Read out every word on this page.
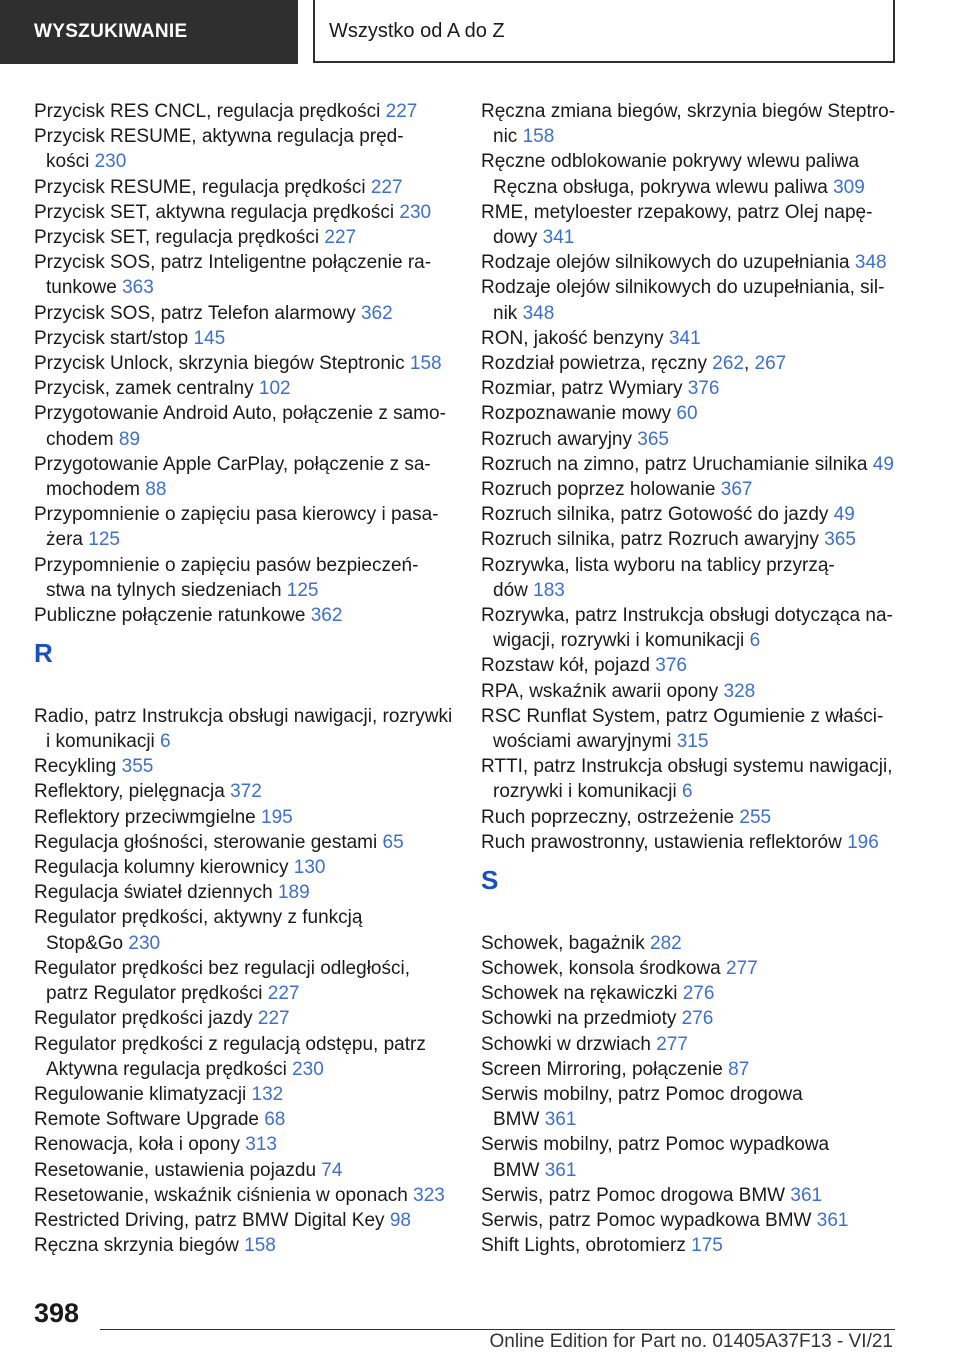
WYSZUKIWANIE	Wszystko od A do Z
Przycisk RES CNCL, regulacja prędkości 227
Przycisk RESUME, aktywna regulacja pręd-
kości 230
Przycisk RESUME, regulacja prędkości 227
Przycisk SET, aktywna regulacja prędkości 230
Przycisk SET, regulacja prędkości 227
Przycisk SOS, patrz Inteligentne połączenie ra-
tunkowe 363
Przycisk SOS, patrz Telefon alarmowy 362
Przycisk start/stop 145
Przycisk Unlock, skrzynia biegów Steptronic 158
Przycisk, zamek centralny 102
Przygotowanie Android Auto, połączenie z samo-
chodem 89
Przygotowanie Apple CarPlay, połączenie z sa-
mochodem 88
Przypomnienie o zapięciu pasa kierowcy i pasa-
żera 125
Przypomnienie o zapięciu pasów bezpieczeń-
stwa na tylnych siedzeniach 125
Publiczne połączenie ratunkowe 362
R
Radio, patrz Instrukcja obsługi nawigacji, rozrywki
i komunikacji 6
Recykling 355
Reflektory, pielęgnacja 372
Reflektory przeciwmgielne 195
Regulacja głośności, sterowanie gestami 65
Regulacja kolumny kierownicy 130
Regulacja świateł dziennych 189
Regulator prędkości, aktywny z funkcją
Stop&Go 230
Regulator prędkości bez regulacji odległości,
patrz Regulator prędkości 227
Regulator prędkości jazdy 227
Regulator prędkości z regulacją odstępu, patrz
Aktywna regulacja prędkości 230
Regulowanie klimatyzacji 132
Remote Software Upgrade 68
Renowacja, koła i opony 313
Resetowanie, ustawienia pojazdu 74
Resetowanie, wskaźnik ciśnienia w oponach 323
Restricted Driving, patrz BMW Digital Key 98
Ręczna skrzynia biegów 158
Ręczna zmiana biegów, skrzynia biegów Steptro-
nic 158
Ręczne odblokowanie pokrywy wlewu paliwa
Ręczna obsługa, pokrywa wlewu paliwa 309
RME, metyloester rzepakowy, patrz Olej napę-
dowy 341
Rodzaje olejów silnikowych do uzupełniania 348
Rodzaje olejów silnikowych do uzupełniania, sil-
nik 348
RON, jakość benzyny 341
Rozdział powietrza, ręczny 262, 267
Rozmiar, patrz Wymiary 376
Rozpoznawanie mowy 60
Rozruch awaryjny 365
Rozruch na zimno, patrz Uruchamianie silnika 49
Rozruch poprzez holowanie 367
Rozruch silnika, patrz Gotowość do jazdy 49
Rozruch silnika, patrz Rozruch awaryjny 365
Rozrywka, lista wyboru na tablicy przyrzą-
dów 183
Rozrywka, patrz Instrukcja obsługi dotycząca na-
wigacji, rozrywki i komunikacji 6
Rozstaw kół, pojazd 376
RPA, wskaźnik awarii opony 328
RSC Runflat System, patrz Ogumienie z właści-
wościami awaryjnymi 315
RTTI, patrz Instrukcja obsługi systemu nawigacji,
rozrywki i komunikacji 6
Ruch poprzeczny, ostrzeżenie 255
Ruch prawostronny, ustawienia reflektorów 196
S
Schowek, bagażnik 282
Schowek, konsola środkowa 277
Schowek na rękawiczki 276
Schowki na przedmioty 276
Schowki w drzwiach 277
Screen Mirroring, połączenie 87
Serwis mobilny, patrz Pomoc drogowa
BMW 361
Serwis mobilny, patrz Pomoc wypadkowa
BMW 361
Serwis, patrz Pomoc drogowa BMW 361
Serwis, patrz Pomoc wypadkowa BMW 361
Shift Lights, obrotomierz 175
398
Online Edition for Part no. 01405A37F13 - VI/21
